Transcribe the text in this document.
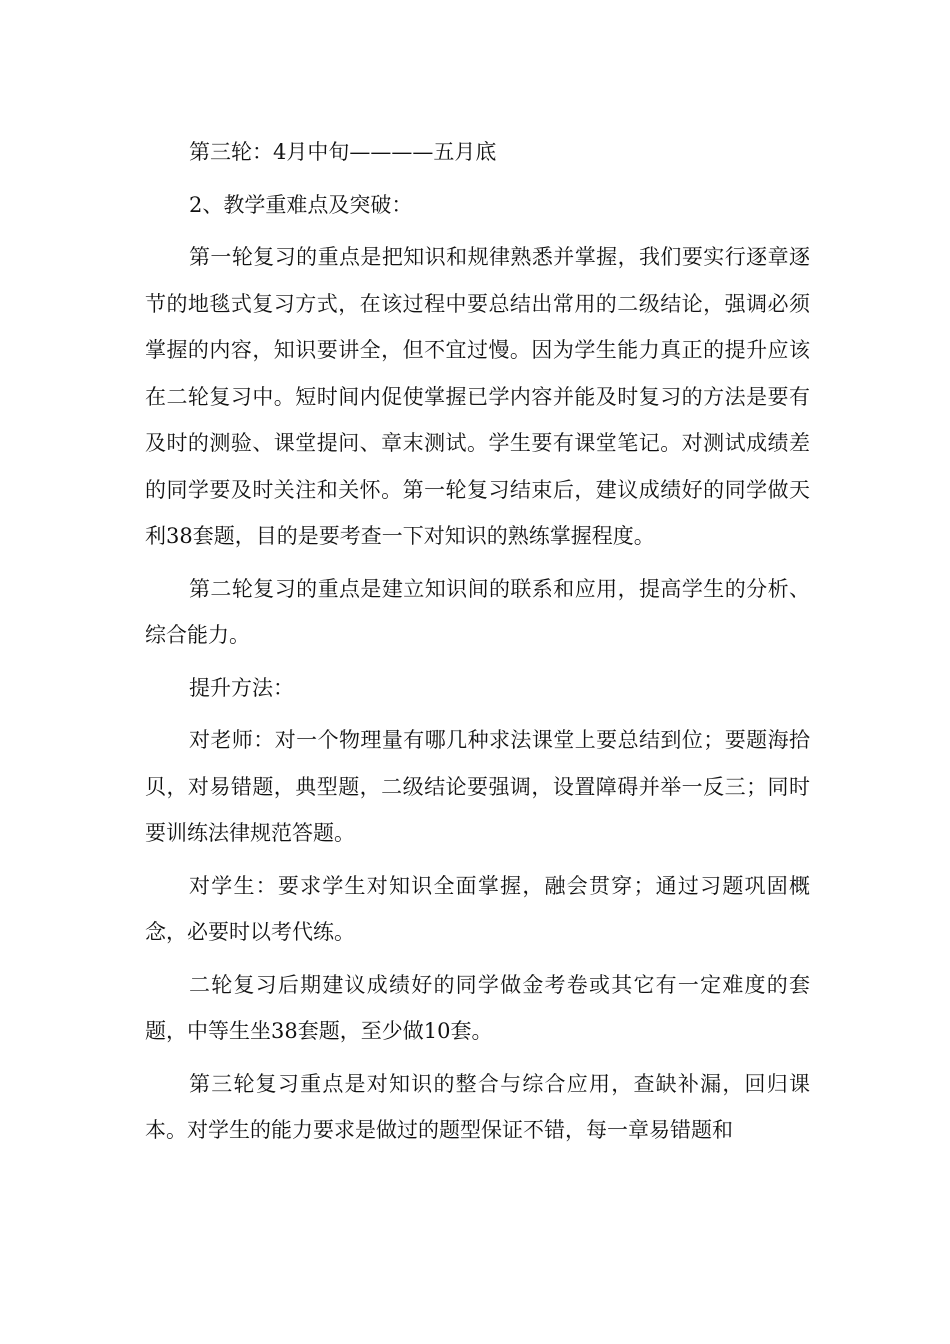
第三轮：4月中旬————五月底

2、教学重难点及突破：

第一轮复习的重点是把知识和规律熟悉并掌握，我们要实行逐章逐节的地毯式复习方式，在该过程中要总结出常用的二级结论，强调必须掌握的内容，知识要讲全，但不宜过慢。因为学生能力真正的提升应该在二轮复习中。短时间内促使掌握已学内容并能及时复习的方法是要有及时的测验、课堂提问、章末测试。学生要有课堂笔记。对测试成绩差的同学要及时关注和关怀。第一轮复习结束后，建议成绩好的同学做天利38套题，目的是要考查一下对知识的熟练掌握程度。

第二轮复习的重点是建立知识间的联系和应用，提高学生的分析、综合能力。

提升方法：

对老师：对一个物理量有哪几种求法课堂上要总结到位；要题海拾贝，对易错题，典型题，二级结论要强调，设置障碍并举一反三；同时要训练法律规范答题。

对学生：要求学生对知识全面掌握，融会贯穿；通过习题巩固概念，必要时以考代练。

二轮复习后期建议成绩好的同学做金考卷或其它有一定难度的套题，中等生坐38套题，至少做10套。

第三轮复习重点是对知识的整合与综合应用，查缺补漏，回归课本。对学生的能力要求是做过的题型保证不错，每一章易错题和
